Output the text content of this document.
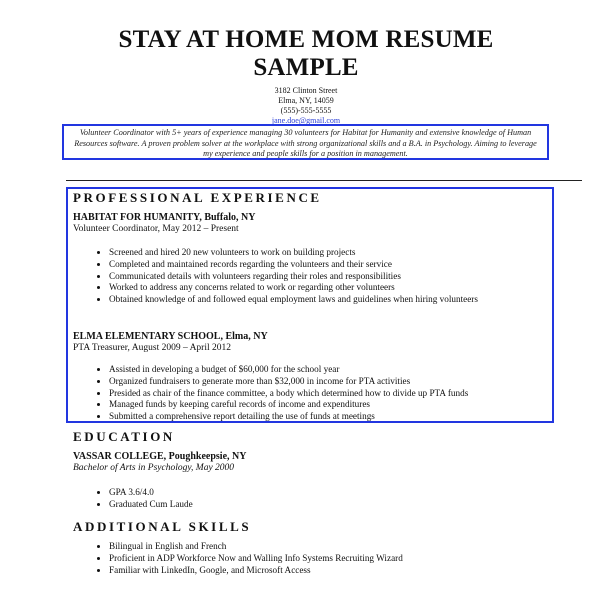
STAY AT HOME MOM RESUME
SAMPLE
3182 Clinton Street
Elma, NY, 14059
(555)-555-5555
jane.doe@gmail.com
Volunteer Coordinator with 5+ years of experience managing 30 volunteers for Habitat for Humanity and extensive knowledge of Human Resources software. A proven problem solver at the workplace with strong organizational skills and a B.A. in Psychology. Aiming to leverage my experience and people skills for a position in management.
PROFESSIONAL EXPERIENCE
HABITAT FOR HUMANITY, Buffalo, NY
Volunteer Coordinator, May 2012 – Present
• Screened and hired 20 new volunteers to work on building projects
• Completed and maintained records regarding the volunteers and their service
• Communicated details with volunteers regarding their roles and responsibilities
• Worked to address any concerns related to work or regarding other volunteers
• Obtained knowledge of and followed equal employment laws and guidelines when hiring volunteers
ELMA ELEMENTARY SCHOOL, Elma, NY
PTA Treasurer, August 2009 – April 2012
• Assisted in developing a budget of $60,000 for the school year
• Organized fundraisers to generate more than $32,000 in income for PTA activities
• Presided as chair of the finance committee, a body which determined how to divide up PTA funds
• Managed funds by keeping careful records of income and expenditures
• Submitted a comprehensive report detailing the use of funds at meetings
EDUCATION
VASSAR COLLEGE, Poughkeepsie, NY
Bachelor of Arts in Psychology, May 2000
• GPA 3.6/4.0
• Graduated Cum Laude
ADDITIONAL SKILLS
• Bilingual in English and French
• Proficient in ADP Workforce Now and Walling Info Systems Recruiting Wizard
• Familiar with LinkedIn, Google, and Microsoft Access
